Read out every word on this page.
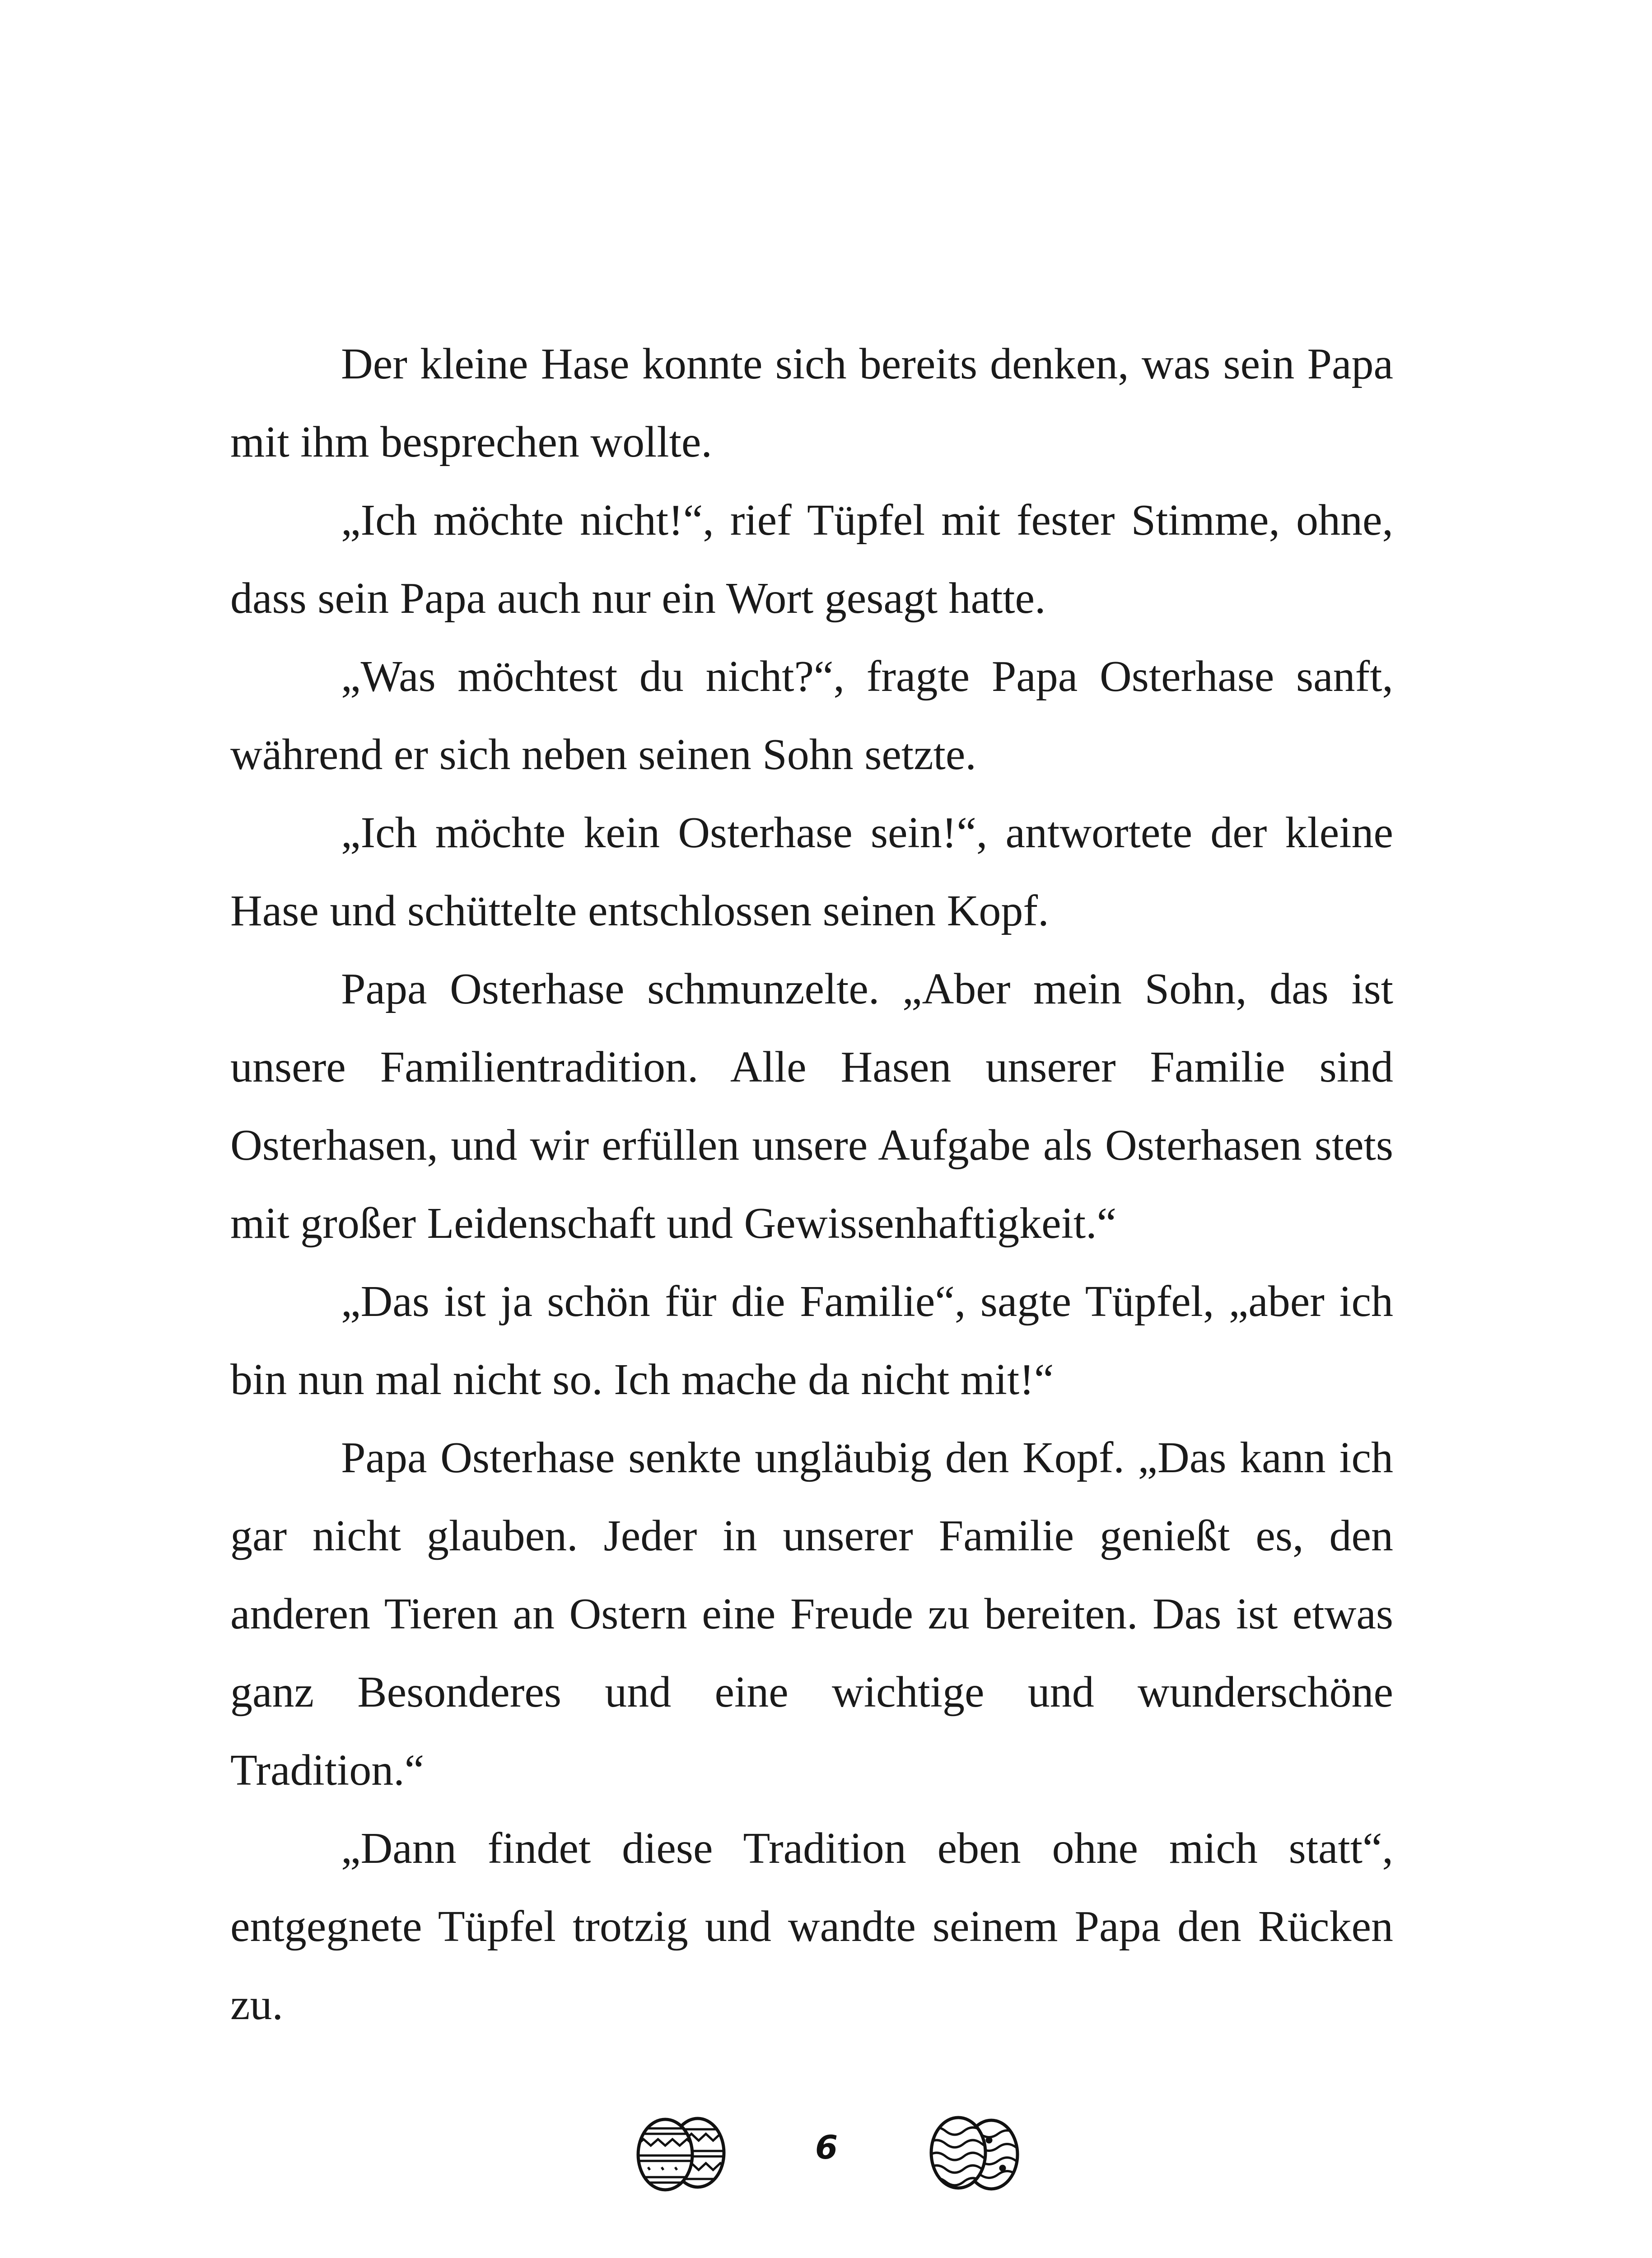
Der kleine Hase konnte sich bereits denken, was sein Papa mit ihm besprechen wollte.

„Ich möchte nicht!“, rief Tüpfel mit fester Stimme, ohne, dass sein Papa auch nur ein Wort gesagt hatte.

„Was möchtest du nicht?“, fragte Papa Osterhase sanft, während er sich neben seinen Sohn setzte.

„Ich möchte kein Osterhase sein!“, antwortete der kleine Hase und schüttelte entschlossen seinen Kopf.

Papa Osterhase schmunzelte. „Aber mein Sohn, das ist unsere Familientradition. Alle Hasen unserer Familie sind Osterhasen, und wir erfüllen unsere Aufgabe als Osterhasen stets mit großer Leidenschaft und Gewissenhaftigkeit.“

„Das ist ja schön für die Familie“, sagte Tüpfel, „aber ich bin nun mal nicht so. Ich mache da nicht mit!“

Papa Osterhase senkte ungläubig den Kopf. „Das kann ich gar nicht glauben. Jeder in unserer Familie genießt es, den anderen Tieren an Ostern eine Freude zu bereiten. Das ist etwas ganz Besonderes und eine wichtige und wunderschöne Tradition.“

„Dann findet diese Tradition eben ohne mich statt“, entgegnete Tüpfel trotzig und wandte seinem Papa den Rücken zu.

6
